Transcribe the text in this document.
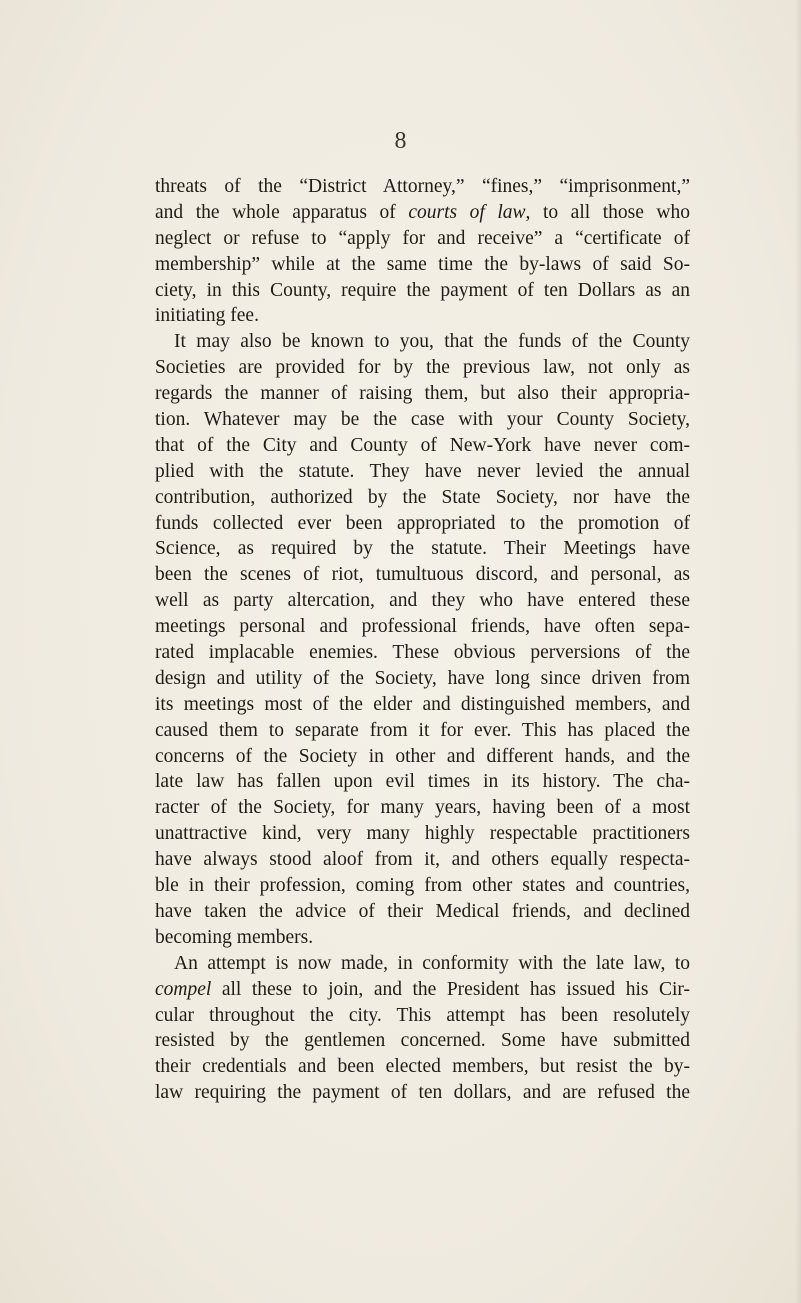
8
threats of the “District Attorney,” “fines,” “imprisonment,”
and the whole apparatus of courts of law, to all those who
neglect or refuse to “apply for and receive” a “certificate of
membership” while at the same time the by-laws of said So-
ciety, in this County, require the payment of ten Dollars as an
initiating fee.
It may also be known to you, that the funds of the County
Societies are provided for by the previous law, not only as
regards the manner of raising them, but also their appropria-
tion. Whatever may be the case with your County Society,
that of the City and County of New-York have never com-
plied with the statute. They have never levied the annual
contribution, authorized by the State Society, nor have the
funds collected ever been appropriated to the promotion of
Science, as required by the statute. Their Meetings have
been the scenes of riot, tumultuous discord, and personal, as
well as party altercation, and they who have entered these
meetings personal and professional friends, have often sepa-
rated implacable enemies. These obvious perversions of the
design and utility of the Society, have long since driven from
its meetings most of the elder and distinguished members, and
caused them to separate from it for ever. This has placed the
concerns of the Society in other and different hands, and the
late law has fallen upon evil times in its history. The cha-
racter of the Society, for many years, having been of a most
unattractive kind, very many highly respectable practitioners
have always stood aloof from it, and others equally respecta-
ble in their profession, coming from other states and countries,
have taken the advice of their Medical friends, and declined
becoming members.
An attempt is now made, in conformity with the late law, to
compel all these to join, and the President has issued his Cir-
cular throughout the city. This attempt has been resolutely
resisted by the gentlemen concerned. Some have submitted
their credentials and been elected members, but resist the by-
law requiring the payment of ten dollars, and are refused the
